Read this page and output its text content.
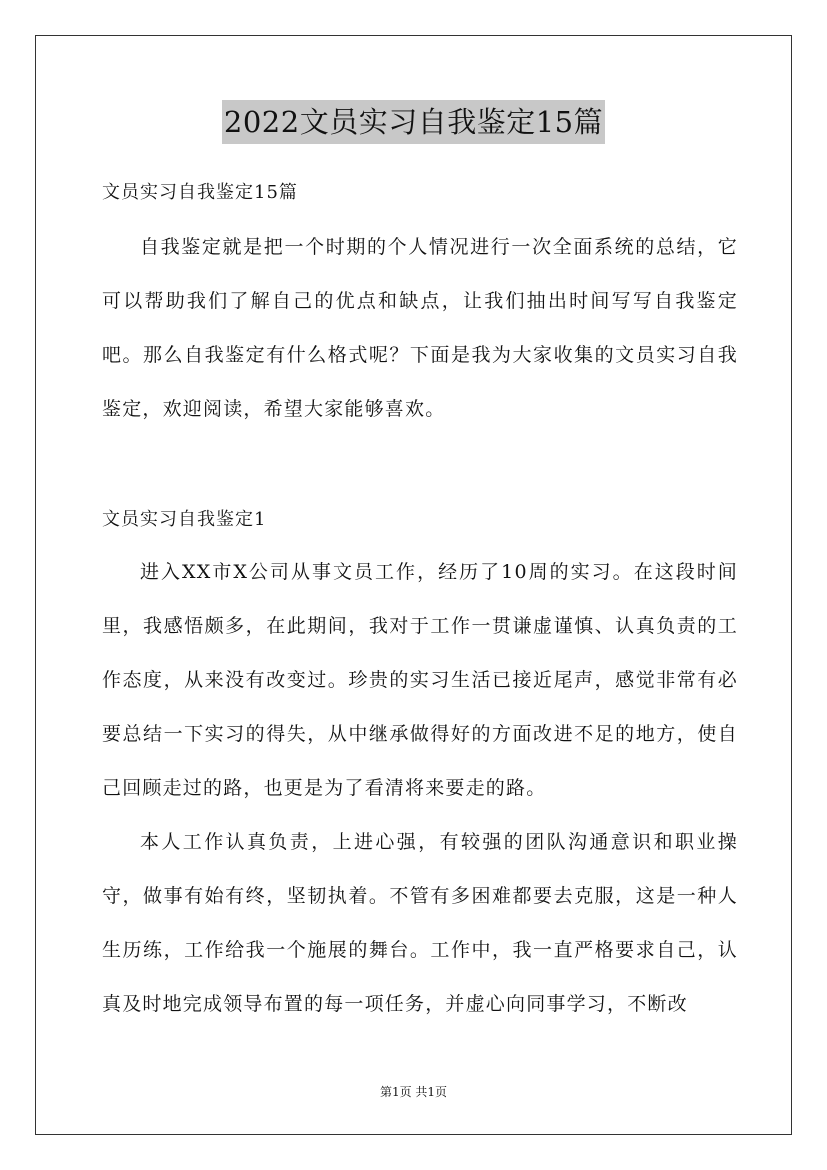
2022文员实习自我鉴定15篇
文员实习自我鉴定15篇

自我鉴定就是把一个时期的个人情况进行一次全面系统的总结，它可以帮助我们了解自己的优点和缺点，让我们抽出时间写写自我鉴定吧。那么自我鉴定有什么格式呢？下面是我为大家收集的文员实习自我鉴定，欢迎阅读，希望大家能够喜欢。

文员实习自我鉴定1

进入XX市X公司从事文员工作，经历了10周的实习。在这段时间里，我感悟颇多，在此期间，我对于工作一贯谦虚谨慎、认真负责的工作态度，从来没有改变过。珍贵的实习生活已接近尾声，感觉非常有必要总结一下实习的得失，从中继承做得好的方面改进不足的地方，使自己回顾走过的路，也更是为了看清将来要走的路。

本人工作认真负责，上进心强，有较强的团队沟通意识和职业操守，做事有始有终，坚韧执着。不管有多困难都要去克服，这是一种人生历练，工作给我一个施展的舞台。工作中，我一直严格要求自己，认真及时地完成领导布置的每一项任务，并虚心向同事学习，不断改

第1页 共1页
